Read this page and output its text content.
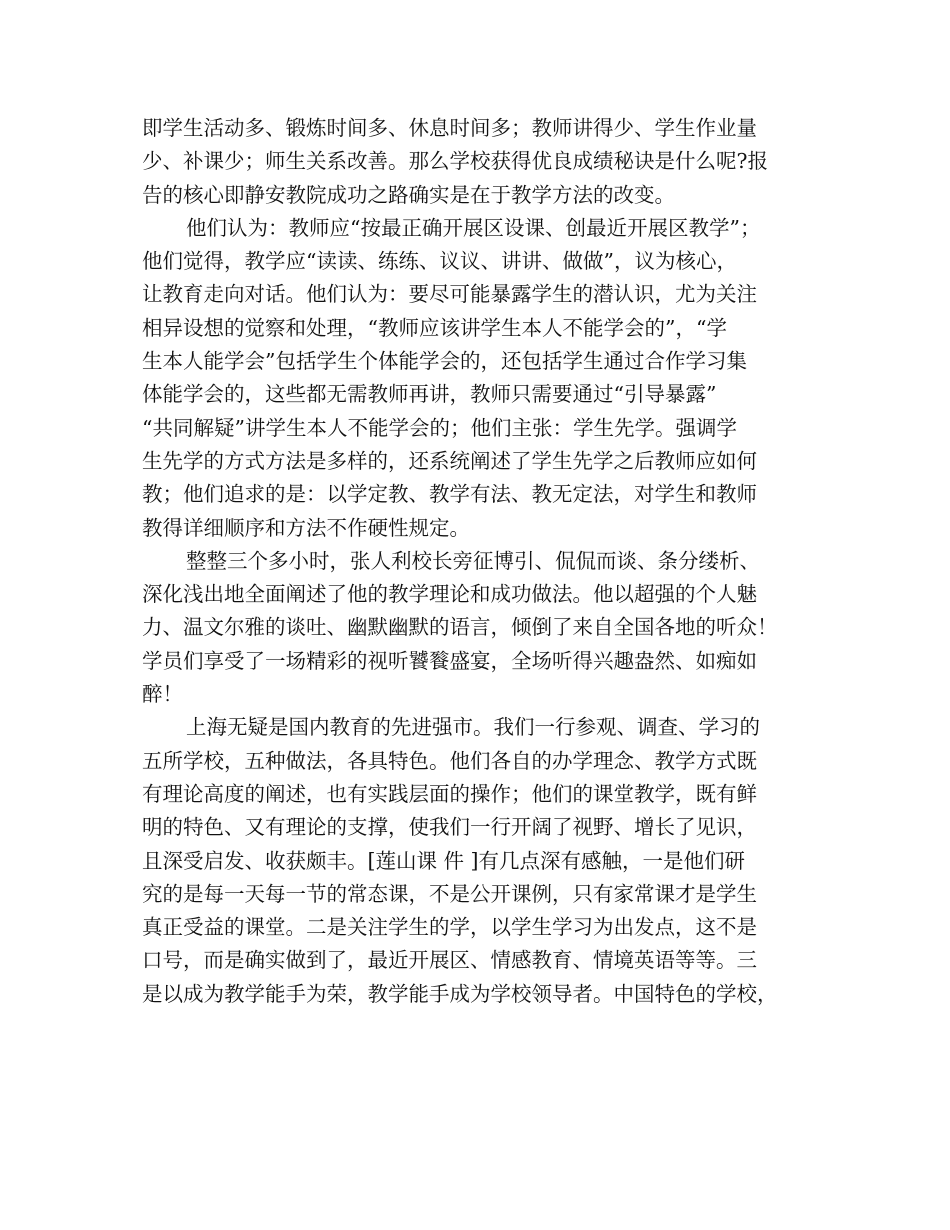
即学生活动多、锻炼时间多、休息时间多；教师讲得少、学生作业量
少、补课少；师生关系改善。那么学校获得优良成绩秘诀是什么呢?报
告的核心即静安教院成功之路确实是在于教学方法的改变。
他们认为：教师应“按最正确开展区设课、创最近开展区教学”；
他们觉得，教学应“读读、练练、议议、讲讲、做做”，议为核心，
让教育走向对话。他们认为：要尽可能暴露学生的潜认识，尤为关注
相异设想的觉察和处理，“教师应该讲学生本人不能学会的”，“学
生本人能学会”包括学生个体能学会的，还包括学生通过合作学习集
体能学会的，这些都无需教师再讲，教师只需要通过“引导暴露”
“共同解疑”讲学生本人不能学会的；他们主张：学生先学。强调学
生先学的方式方法是多样的，还系统阐述了学生先学之后教师应如何
教；他们追求的是：以学定教、教学有法、教无定法，对学生和教师
教得详细顺序和方法不作硬性规定。
整整三个多小时，张人利校长旁征博引、侃侃而谈、条分缕析、
深化浅出地全面阐述了他的教学理论和成功做法。他以超强的个人魅
力、温文尔雅的谈吐、幽默幽默的语言，倾倒了来自全国各地的听众！
学员们享受了一场精彩的视听饕餮盛宴，全场听得兴趣盎然、如痴如
醉！
上海无疑是国内教育的先进强市。我们一行参观、调查、学习的
五所学校，五种做法，各具特色。他们各自的办学理念、教学方式既
有理论高度的阐述，也有实践层面的操作；他们的课堂教学，既有鲜
明的特色、又有理论的支撑，使我们一行开阔了视野、增长了见识，
且深受启发、收获颇丰。[莲山课 件 ]有几点深有感触，一是他们研
究的是每一天每一节的常态课，不是公开课例，只有家常课才是学生
真正受益的课堂。二是关注学生的学，以学生学习为出发点，这不是
口号，而是确实做到了，最近开展区、情感教育、情境英语等等。三
是以成为教学能手为荣，教学能手成为学校领导者。中国特色的学校，
